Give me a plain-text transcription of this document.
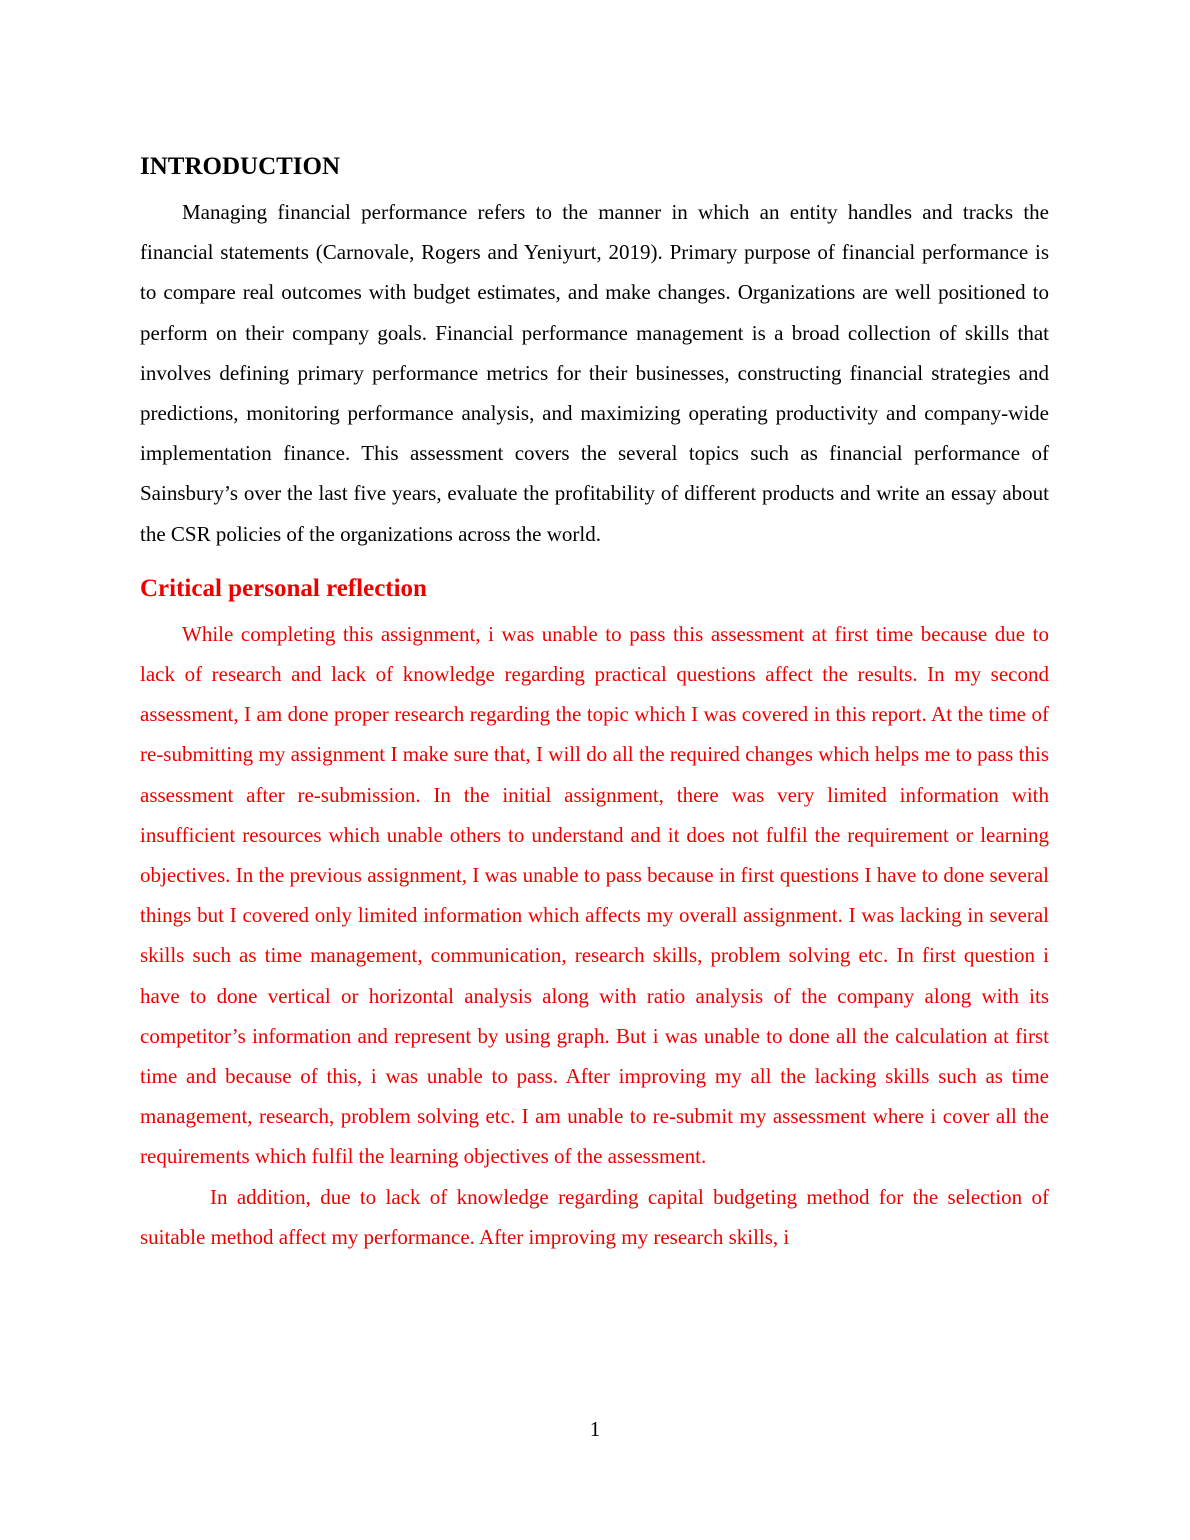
INTRODUCTION

Managing financial performance refers to the manner in which an entity handles and tracks the financial statements (Carnovale, Rogers and Yeniyurt, 2019). Primary purpose of financial performance is to compare real outcomes with budget estimates, and make changes. Organizations are well positioned to perform on their company goals. Financial performance management is a broad collection of skills that involves defining primary performance metrics for their businesses, constructing financial strategies and predictions, monitoring performance analysis, and maximizing operating productivity and company-wide implementation finance. This assessment covers the several topics such as financial performance of Sainsbury’s over the last five years, evaluate the profitability of different products and write an essay about the CSR policies of the organizations across the world.

Critical personal reflection

While completing this assignment, i was unable to pass this assessment at first time because due to lack of research and lack of knowledge regarding practical questions affect the results. In my second assessment, I am done proper research regarding the topic which I was covered in this report. At the time of re-submitting my assignment I make sure that, I will do all the required changes which helps me to pass this assessment after re-submission. In the initial assignment, there was very limited information with insufficient resources which unable others to understand and it does not fulfil the requirement or learning objectives. In the previous assignment, I was unable to pass because in first questions I have to done several things but I covered only limited information which affects my overall assignment. I was lacking in several skills such as time management, communication, research skills, problem solving etc. In first question i have to done vertical or horizontal analysis along with ratio analysis of the company along with its competitor’s information and represent by using graph. But i was unable to done all the calculation at first time and because of this, i was unable to pass. After improving my all the lacking skills such as time management, research, problem solving etc. I am unable to re-submit my assessment where i cover all the requirements which fulfil the learning objectives of the assessment.

In addition, due to lack of knowledge regarding capital budgeting method for the selection of suitable method affect my performance. After improving my research skills, i

1
